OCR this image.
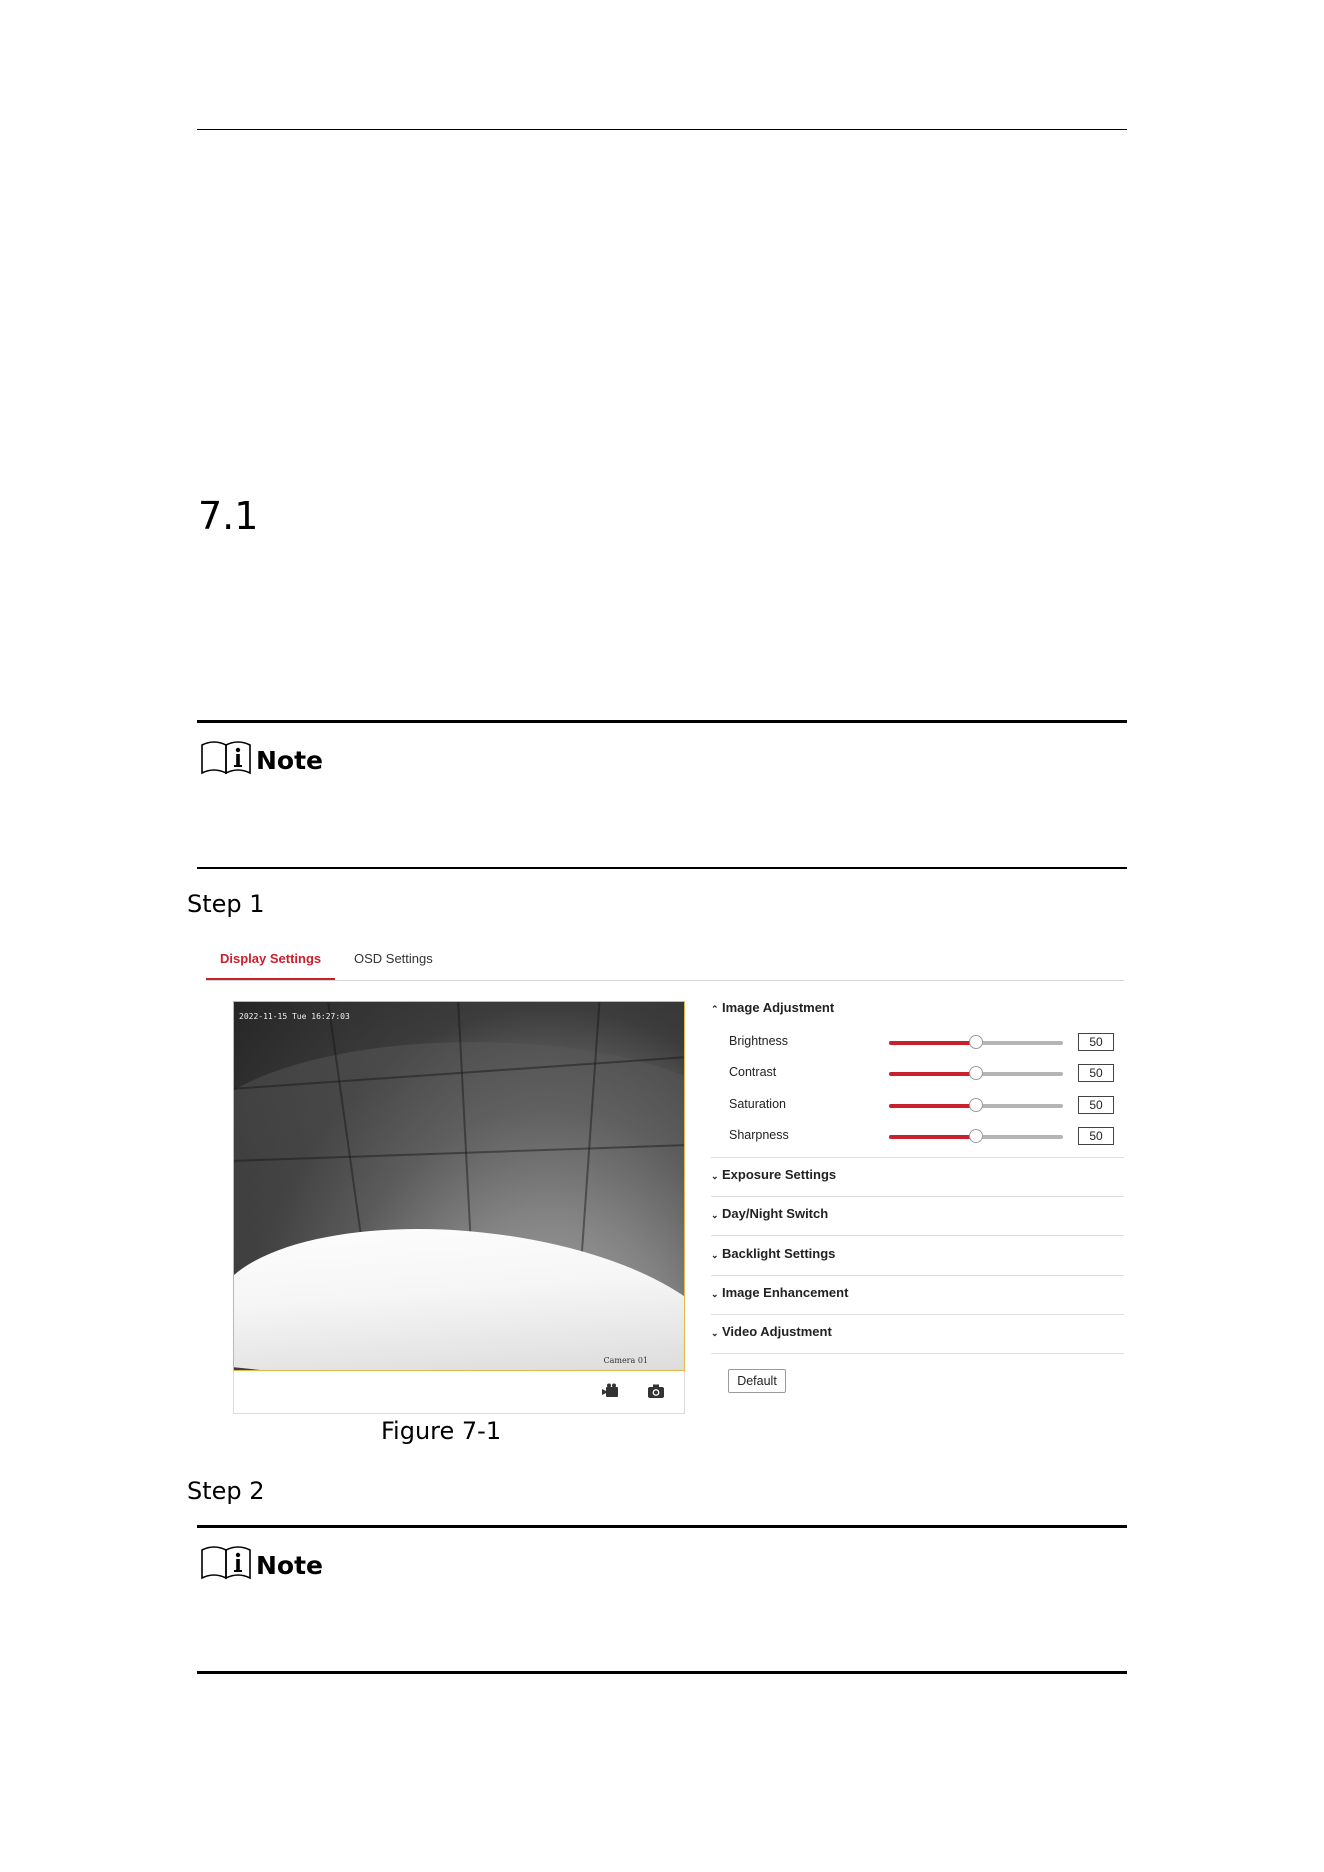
7.1
Note
Step 1
Display Settings	OSD Settings
2022-11-15 Tue 16:27:03
Camera 01
⌃ Image Adjustment
Brightness	50
Contrast	50
Saturation	50
Sharpness	50
⌄ Exposure Settings
⌄ Day/Night Switch
⌄ Backlight Settings
⌄ Image Enhancement
⌄ Video Adjustment
Default
Figure 7-1
Step 2
Note
